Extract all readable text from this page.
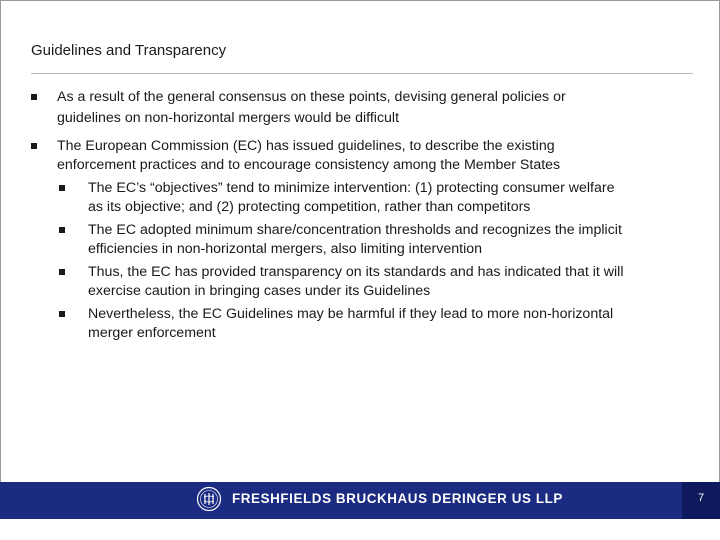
Guidelines and Transparency

As a result of the general consensus on these points, devising general policies or

guidelines on non-horizontal mergers would be difficult

The European Commission (EC) has issued guidelines, to describe the existing

enforcement practices and to encourage consistency among the Member States

The EC’s “objectives” tend to minimize intervention: (1) protecting consumer welfare

as its objective; and (2) protecting competition, rather than competitors

The EC adopted minimum share/concentration thresholds and recognizes the implicit

efficiencies in non-horizontal mergers, also limiting intervention

Thus, the EC has provided transparency on its standards and has indicated that it will

exercise caution in bringing cases under its Guidelines

Nevertheless, the EC Guidelines may be harmful if they lead to more non-horizontal

merger enforcement

7
FRESHFIELDS BRUCKHAUS DERINGER US LLP
